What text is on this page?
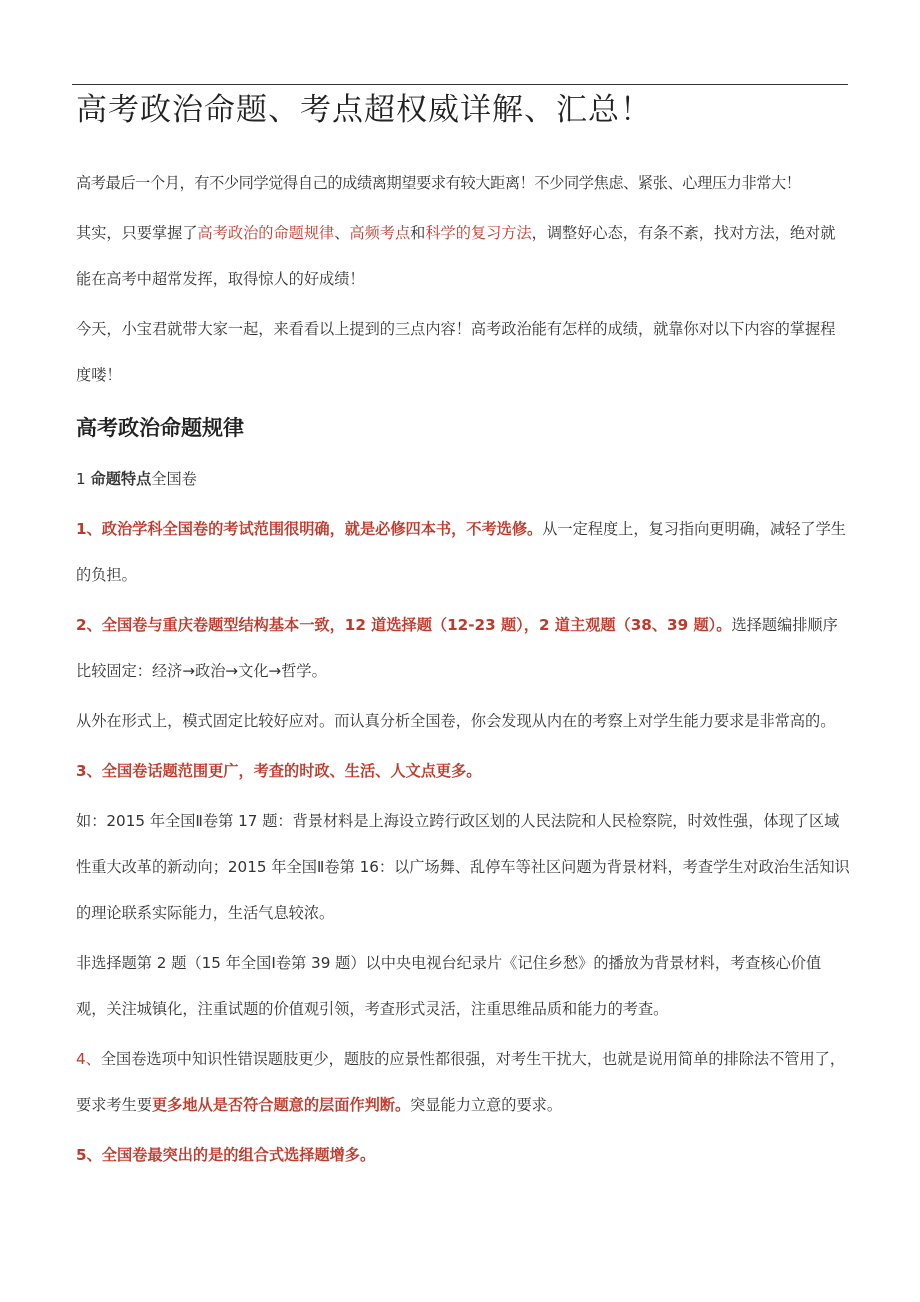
高考政治命题、考点超权威详解、汇总！

高考最后一个月，有不少同学觉得自己的成绩离期望要求有较大距离！不少同学焦虑、紧张、心理压力非常大！

其实，只要掌握了高考政治的命题规律、高频考点和科学的复习方法，调整好心态，有条不紊，找对方法，绝对就能在高考中超常发挥，取得惊人的好成绩！

今天，小宝君就带大家一起，来看看以上提到的三点内容！高考政治能有怎样的成绩，就靠你对以下内容的掌握程度喽！

高考政治命题规律

1 命题特点全国卷

1、政治学科全国卷的考试范围很明确，就是必修四本书，不考选修。从一定程度上，复习指向更明确，减轻了学生的负担。

2、全国卷与重庆卷题型结构基本一致，12 道选择题（12-23 题），2 道主观题（38、39 题）。选择题编排顺序比较固定：经济→政治→文化→哲学。

从外在形式上，模式固定比较好应对。而认真分析全国卷，你会发现从内在的考察上对学生能力要求是非常高的。

3、全国卷话题范围更广，考查的时政、生活、人文点更多。

如：2015 年全国Ⅱ卷第 17 题：背景材料是上海设立跨行政区划的人民法院和人民检察院，时效性强，体现了区域性重大改革的新动向；2015 年全国Ⅱ卷第 16：以广场舞、乱停车等社区问题为背景材料，考查学生对政治生活知识的理论联系实际能力，生活气息较浓。

非选择题第 2 题（15 年全国Ⅰ卷第 39 题）以中央电视台纪录片《记住乡愁》的播放为背景材料，考查核心价值观，关注城镇化，注重试题的价值观引领，考查形式灵活，注重思维品质和能力的考查。

4、全国卷选项中知识性错误题肢更少，题肢的应景性都很强，对考生干扰大，也就是说用简单的排除法不管用了，要求考生要更多地从是否符合题意的层面作判断。突显能力立意的要求。

5、全国卷最突出的是的组合式选择题增多。
